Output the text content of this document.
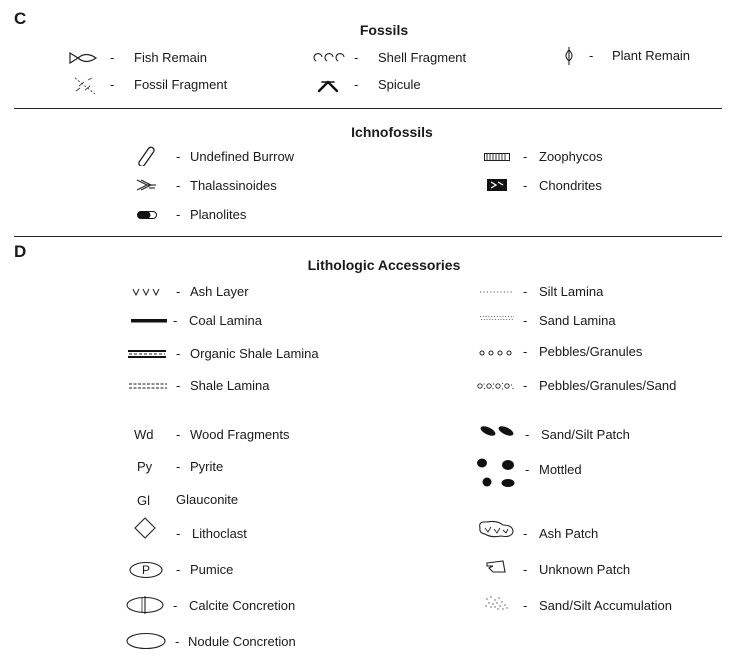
C
Fossils
- Fish Remain	- Shell Fragment	- Plant Remain
- Fossil Fragment	- Spicule
Ichnofossils
- Undefined Burrow	- Zoophycos
- Thalassinoides	- Chondrites
- Planolites
D
Lithologic Accessories
- Ash Layer	- Silt Lamina
- Coal Lamina	- Sand Lamina
- Organic Shale Lamina	- Pebbles/Granules
- Shale Lamina	- Pebbles/Granules/Sand
Wd - Wood Fragments	- Sand/Silt Patch
Py - Pyrite	- Mottled
Gl Glauconite
- Lithoclast	- Ash Patch
P	- Pumice	- Unknown Patch
- Calcite Concretion	- Sand/Silt Accumulation
- Nodule Concretion
